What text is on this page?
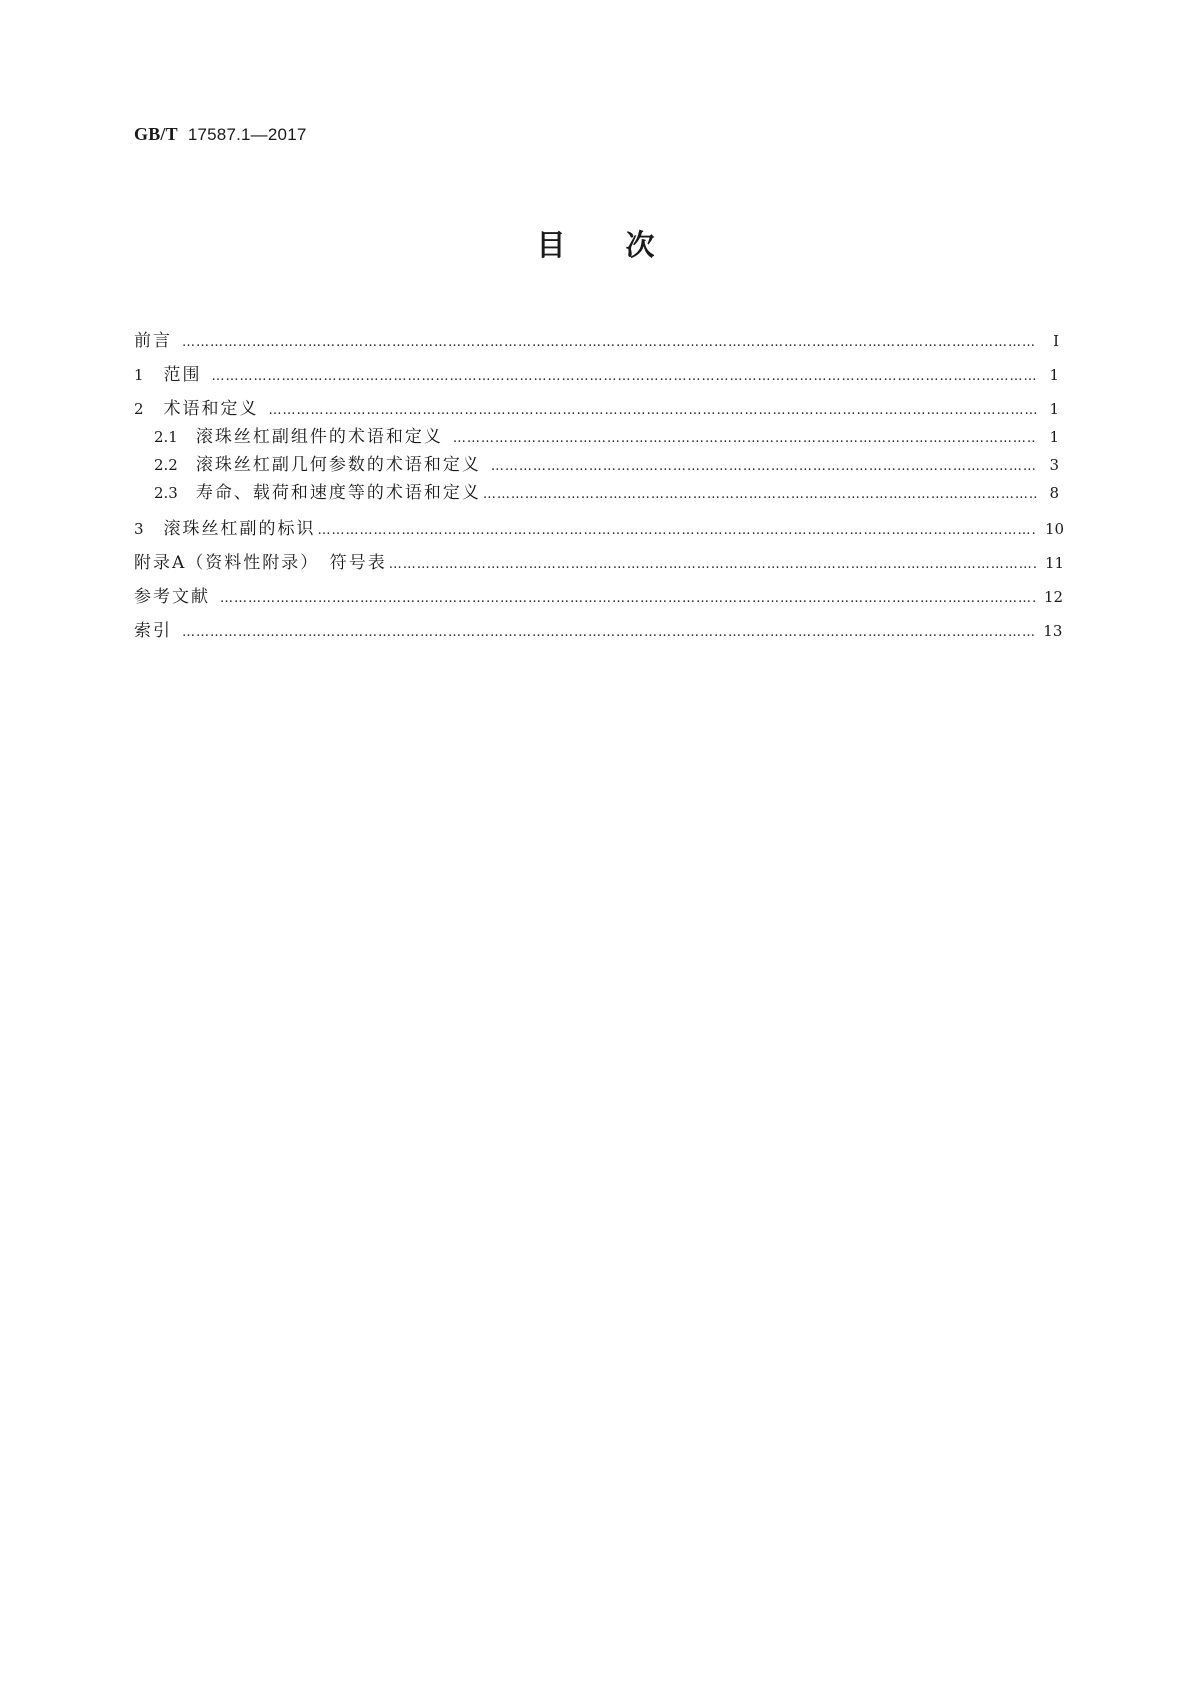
GB/T 17587.1—2017
目次
前言 ……………………………………………………………………………………………………………………………………………………………………………………………………	Ⅰ
1 范围 ……………………………………………………………………………………………………………………………………………………………………………………………………	1
2 术语和定义 ……………………………………………………………………………………………………………………………………………………………………………………………………	1
2.1 滚珠丝杠副组件的术语和定义 ……………………………………………………………………………………………………………………………………………………………………………………………………	1
2.2 滚珠丝杠副几何参数的术语和定义 ……………………………………………………………………………………………………………………………………………………………………………………………………	3
2.3 寿命、载荷和速度等的术语和定义 ……………………………………………………………………………………………………………………………………………………………………………………………………	8
3 滚珠丝杠副的标识 ……………………………………………………………………………………………………………………………………………………………………………………………………	10
附录A（资料性附录）　符号表 ……………………………………………………………………………………………………………………………………………………………………………………………………	11
参考文献 ……………………………………………………………………………………………………………………………………………………………………………………………………	12
索引 ……………………………………………………………………………………………………………………………………………………………………………………………………	13
